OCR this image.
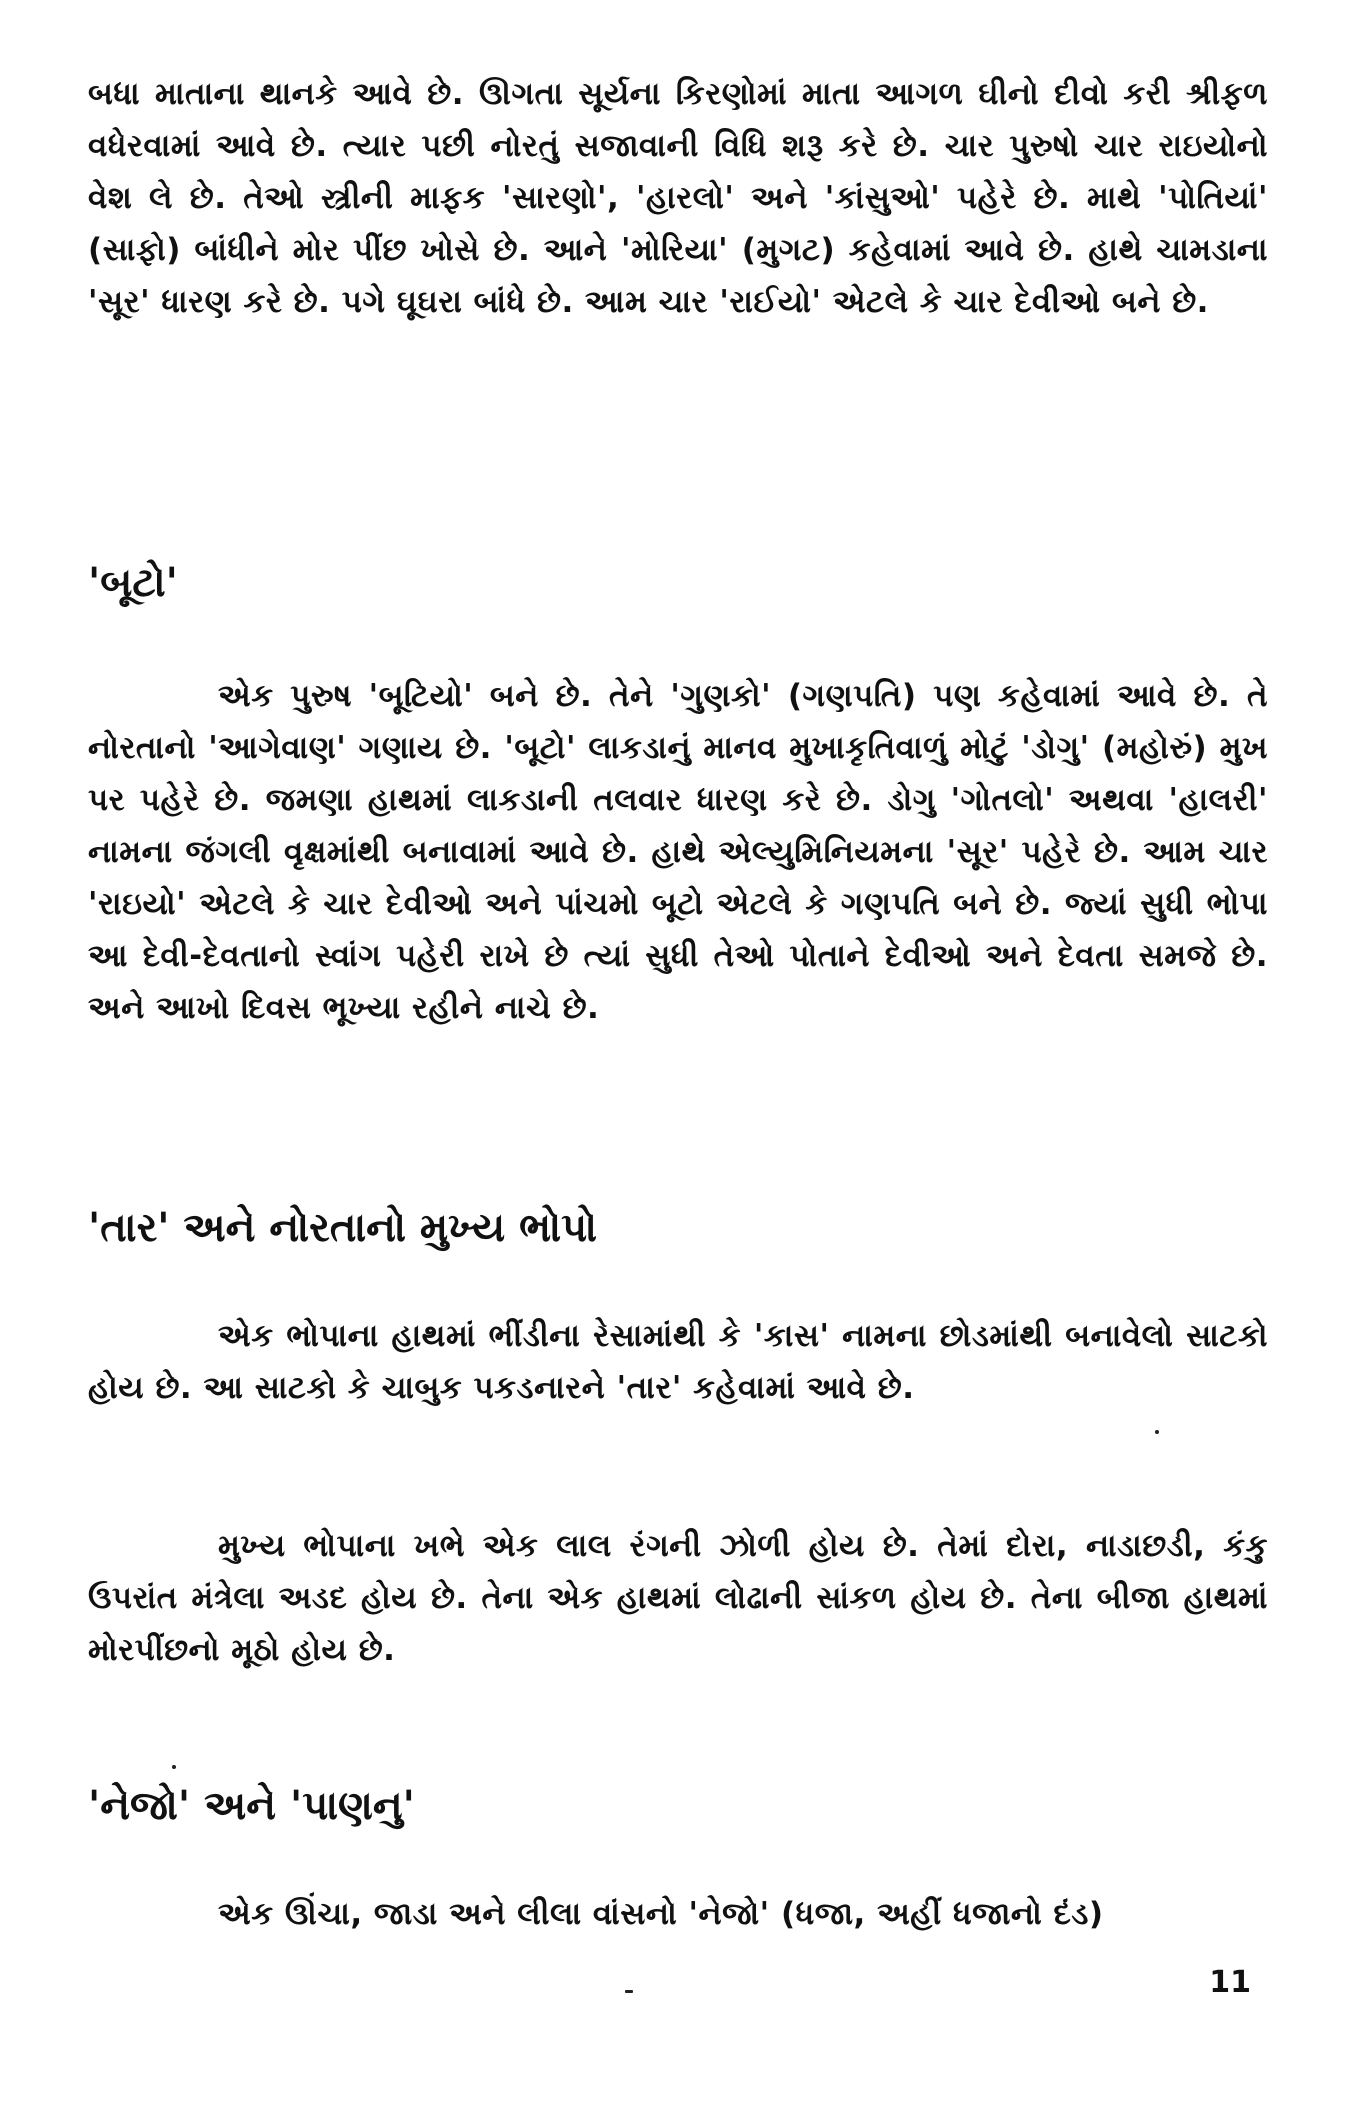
બધા માતાના થાનકે આવે છે. ઊગતા સૂર્યના કિરણોમાં માતા આગળ ઘીનો દીવો કરી શ્રીફળ વધેરવામાં આવે છે. ત્યાર પછી નોરતું સજાવાની વિધિ શરૂ કરે છે. ચાર પુરુષો ચાર રાઇયોનો વેશ લે છે. તેઓ સ્ત્રીની માફક 'સારણો', 'હારલો' અને 'કાંસુઓ' પહેરે છે. માથે 'પોતિયાં' (સાફો) બાંધીને મોર પીંછ ખોસે છે. આને 'મોરિયા' (મુગટ) કહેવામાં આવે છે. હાથે ચામડાના 'સૂર' ધારણ કરે છે. પગે ઘૂઘરા બાંધે છે. આમ ચાર 'રાઈયો' એટલે કે ચાર દેવીઓ બને છે.

'બૂટો'

એક પુરુષ 'બૂટિયો' બને છે. તેને 'ગુણકો' (ગણપતિ) પણ કહેવામાં આવે છે. તે નોરતાનો 'આગેવાણ' ગણાય છે. 'બૂટો' લાકડાનું માનવ મુખાકૃતિવાળું મોટું 'ડોગુ' (મહોરું) મુખ પર પહેરે છે. જમણા હાથમાં લાકડાની તલવાર ધારણ કરે છે. ડોગુ 'ગોતલો' અથવા 'હાલરી' નામના જંગલી વૃક્ષમાંથી બનાવામાં આવે છે. હાથે એલ્યુમિનિયમના 'સૂર' પહેરે છે. આમ ચાર 'રાઇયો' એટલે કે ચાર દેવીઓ અને પાંચમો બૂટો એટલે કે ગણપતિ બને છે. જ્યાં સુધી ભોપા આ દેવી-દેવતાનો સ્વાંગ પહેરી રાખે છે ત્યાં સુધી તેઓ પોતાને દેવીઓ અને દેવતા સમજે છે. અને આખો દિવસ ભૂખ્યા રહીને નાચે છે.

'તાર' અને નોરતાનો મુખ્ય ભોપો

એક ભોપાના હાથમાં ભીંડીના રેસામાંથી કે 'કાસ' નામના છોડમાંથી બનાવેલો સાટકો હોય છે. આ સાટકો કે ચાબુક પકડનારને 'તાર' કહેવામાં આવે છે.

મુખ્ય ભોપાના ખભે એક લાલ રંગની ઝોળી હોય છે. તેમાં દોરા, નાડાછડી, કંકુ ઉપરાંત મંત્રેલા અડદ હોય છે. તેના એક હાથમાં લોઢાની સાંકળ હોય છે. તેના બીજા હાથમાં મોરપીંછનો મૂઠો હોય છે.

'નેજો' અને 'પાણનુ'

એક ઊંચા, જાડા અને લીલા વાંસનો 'નેજો' (ધજા, અહીં ધજાનો દંડ)

11
